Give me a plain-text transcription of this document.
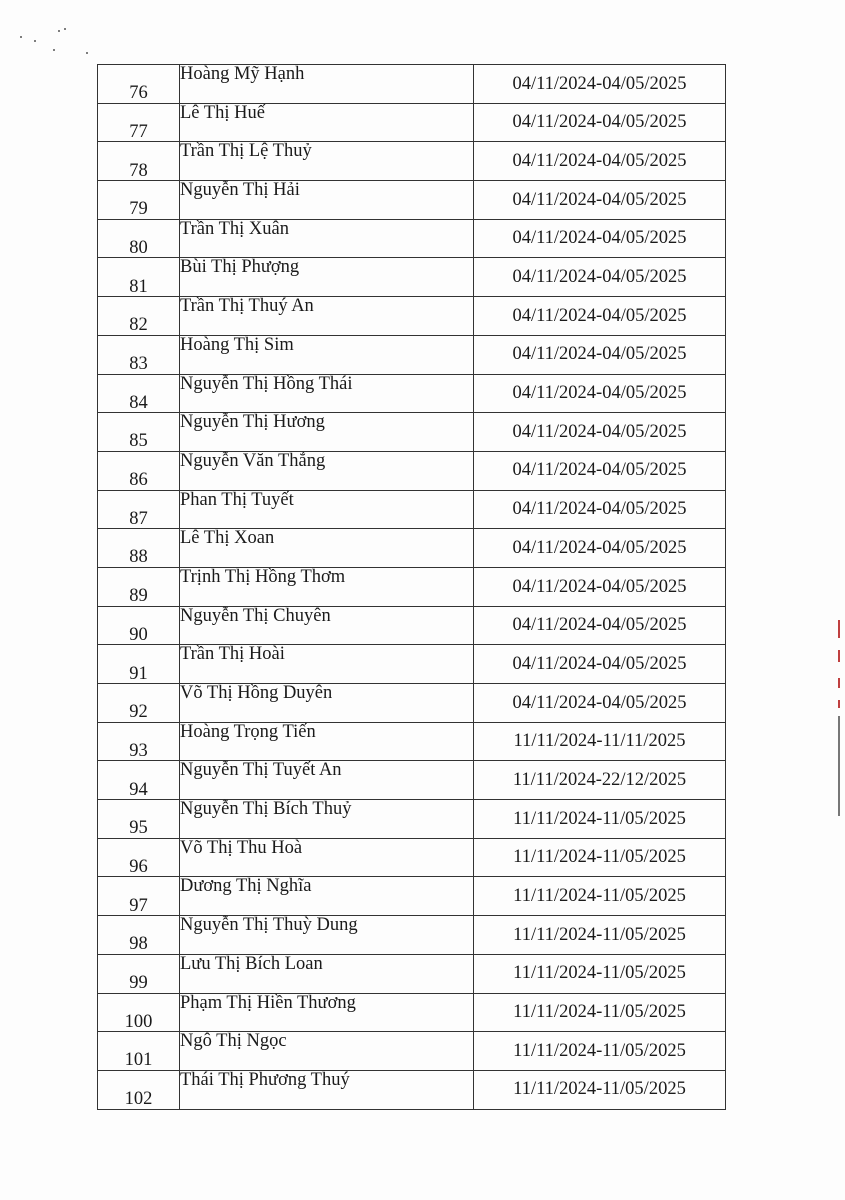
76	Hoàng Mỹ Hạnh	04/11/2024-04/05/2025
77	Lê Thị Huế	04/11/2024-04/05/2025
78	Trần Thị Lệ Thuỷ	04/11/2024-04/05/2025
79	Nguyễn Thị Hải	04/11/2024-04/05/2025
80	Trần Thị Xuân	04/11/2024-04/05/2025
81	Bùi Thị Phượng	04/11/2024-04/05/2025
82	Trần Thị Thuý An	04/11/2024-04/05/2025
83	Hoàng Thị Sim	04/11/2024-04/05/2025
84	Nguyễn Thị Hồng Thái	04/11/2024-04/05/2025
85	Nguyễn Thị Hương	04/11/2024-04/05/2025
86	Nguyễn Văn Thắng	04/11/2024-04/05/2025
87	Phan Thị Tuyết	04/11/2024-04/05/2025
88	Lê Thị Xoan	04/11/2024-04/05/2025
89	Trịnh Thị Hồng Thơm	04/11/2024-04/05/2025
90	Nguyễn Thị Chuyên	04/11/2024-04/05/2025
91	Trần Thị Hoài	04/11/2024-04/05/2025
92	Võ Thị Hồng Duyên	04/11/2024-04/05/2025
93	Hoàng Trọng Tiến	11/11/2024-11/11/2025
94	Nguyễn Thị Tuyết An	11/11/2024-22/12/2025
95	Nguyễn Thị Bích Thuỷ	11/11/2024-11/05/2025
96	Võ Thị Thu Hoà	11/11/2024-11/05/2025
97	Dương Thị Nghĩa	11/11/2024-11/05/2025
98	Nguyễn Thị Thuỳ Dung	11/11/2024-11/05/2025
99	Lưu Thị Bích Loan	11/11/2024-11/05/2025
100	Phạm Thị Hiền Thương	11/11/2024-11/05/2025
101	Ngô Thị Ngọc	11/11/2024-11/05/2025
102	Thái Thị Phương Thuý	11/11/2024-11/05/2025
